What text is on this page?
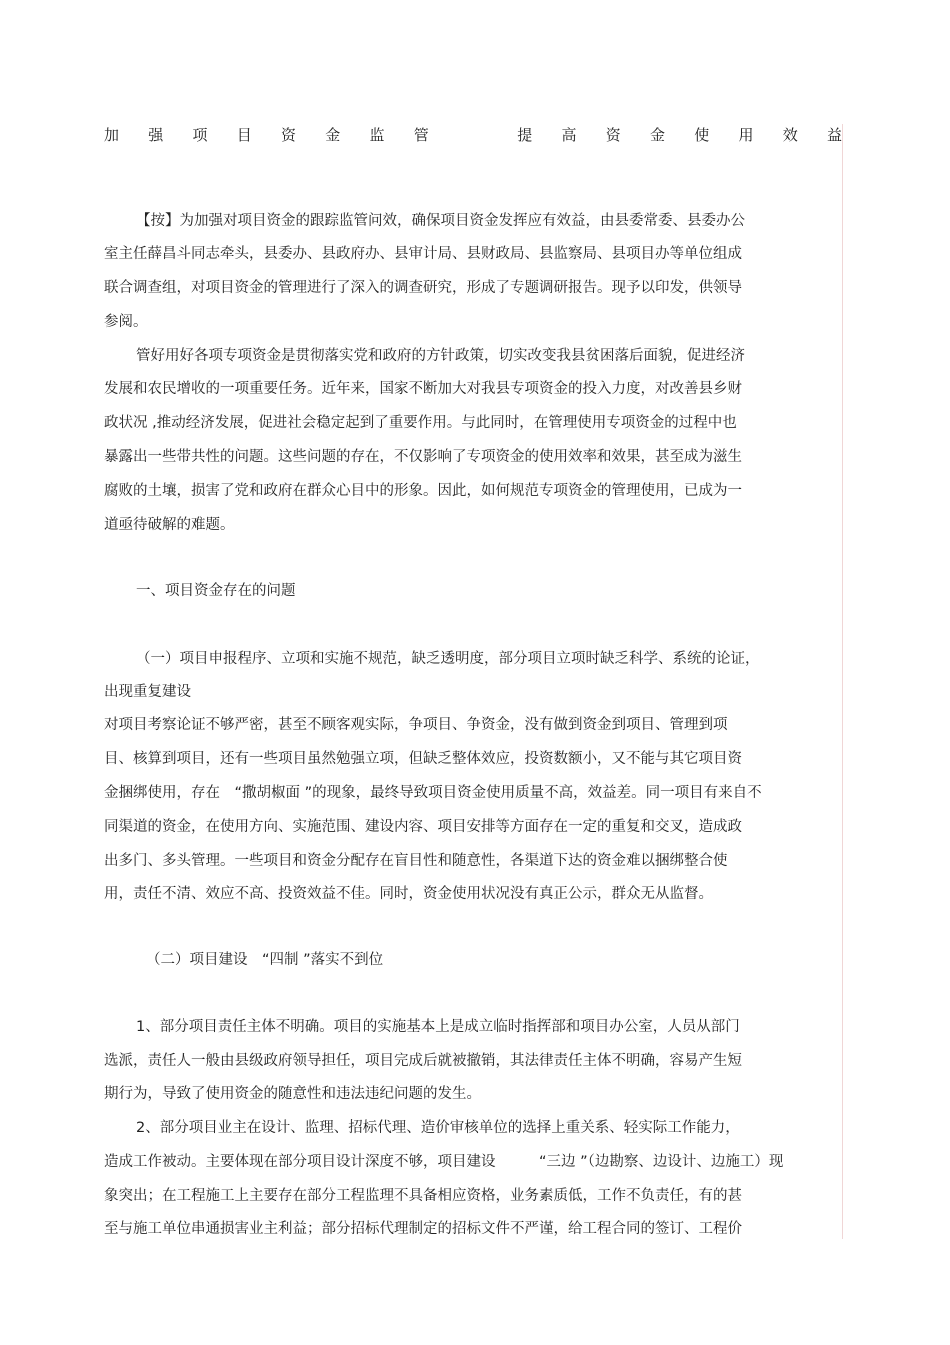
加 强 项 目 资 金 监 管	提 高 资 金 使 用 效 益
【按】为加强对项目资金的跟踪监管问效，确保项目资金发挥应有效益，由县委常委、县委办公
室主任薛昌斗同志牵头，县委办、县政府办、县审计局、县财政局、县监察局、县项目办等单位组成
联合调查组，对项目资金的管理进行了深入的调查研究，形成了专题调研报告。现予以印发，供领导
参阅。
管好用好各项专项资金是贯彻落实党和政府的方针政策，切实改变我县贫困落后面貌，促进经济
发展和农民增收的一项重要任务。近年来，国家不断加大对我县专项资金的投入力度，对改善县乡财
政状况 ,推动经济发展，促进社会稳定起到了重要作用。与此同时，在管理使用专项资金的过程中也
暴露出一些带共性的问题。这些问题的存在，不仅影响了专项资金的使用效率和效果，甚至成为滋生
腐败的土壤，损害了党和政府在群众心目中的形象。因此，如何规范专项资金的管理使用，已成为一
道亟待破解的难题。
一、项目资金存在的问题
（一）项目申报程序、立项和实施不规范，缺乏透明度，部分项目立项时缺乏科学、系统的论证，
出现重复建设
对项目考察论证不够严密，甚至不顾客观实际，争项目、争资金，没有做到资金到项目、管理到项
目、核算到项目，还有一些项目虽然勉强立项，但缺乏整体效应，投资数额小，又不能与其它项目资
金捆绑使用，存在　“撒胡椒面 ”的现象，最终导致项目资金使用质量不高，效益差。同一项目有来自不
同渠道的资金，在使用方向、实施范围、建设内容、项目安排等方面存在一定的重复和交叉，造成政
出多门、多头管理。一些项目和资金分配存在盲目性和随意性，各渠道下达的资金难以捆绑整合使
用，责任不清、效应不高、投资效益不佳。同时，资金使用状况没有真正公示，群众无从监督。
（二）项目建设　“四制 ”落实不到位
1、部分项目责任主体不明确。项目的实施基本上是成立临时指挥部和项目办公室，人员从部门
选派，责任人一般由县级政府领导担任，项目完成后就被撤销，其法律责任主体不明确，容易产生短
期行为，导致了使用资金的随意性和违法违纪问题的发生。
2、部分项目业主在设计、监理、招标代理、造价审核单位的选择上重关系、轻实际工作能力，
造成工作被动。主要体现在部分项目设计深度不够，项目建设　　　“三边 ”（边勘察、边设计、边施工）现
象突出；在工程施工上主要存在部分工程监理不具备相应资格，业务素质低，工作不负责任，有的甚
至与施工单位串通损害业主利益；部分招标代理制定的招标文件不严谨，给工程合同的签订、工程价
